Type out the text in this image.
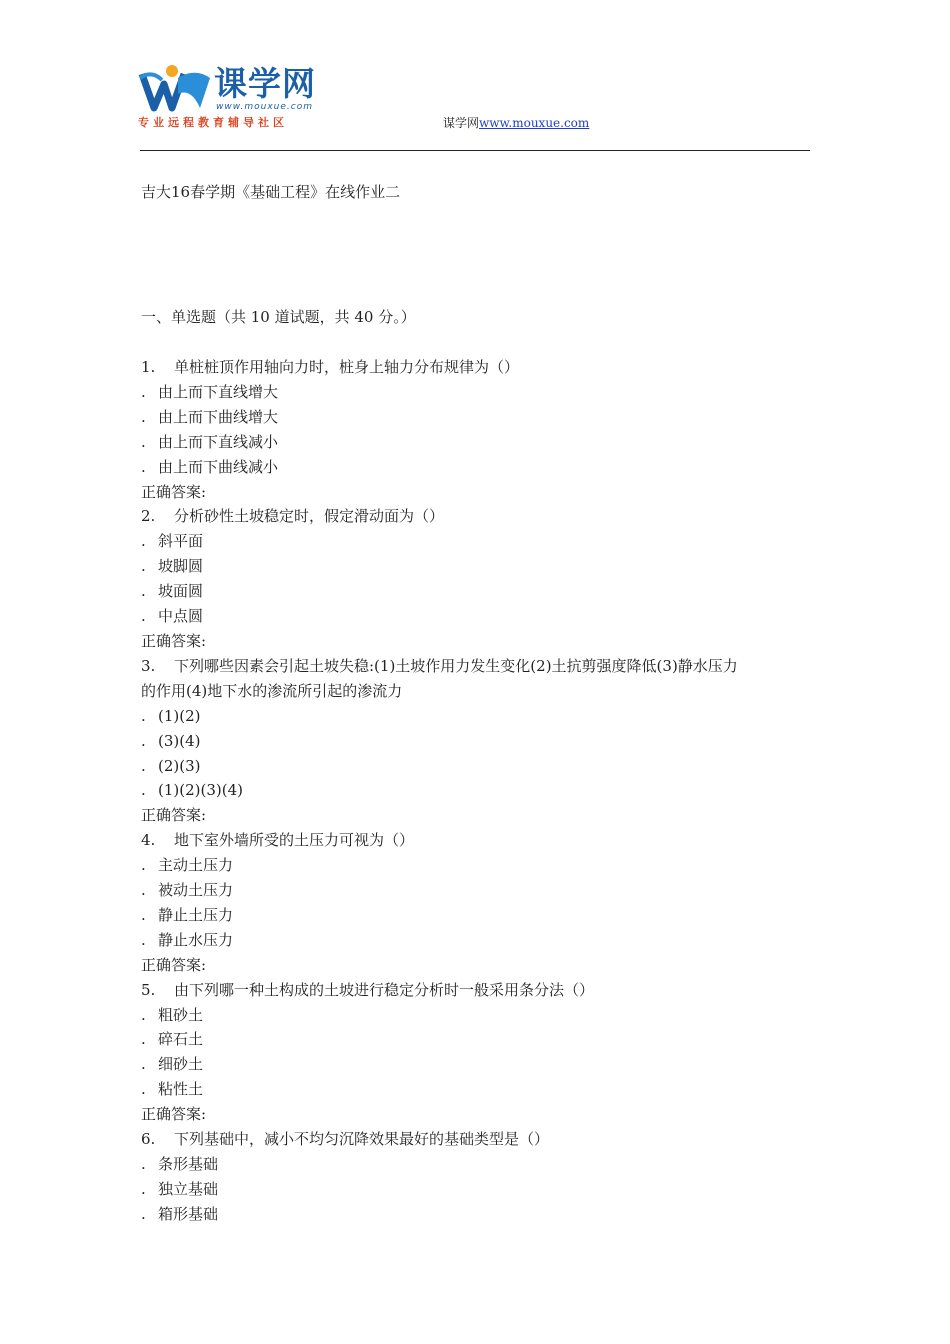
课学网
www.mouxue.com
专业远程教育辅导社区	谋学网www.mouxue.com
吉大16春学期《基础工程》在线作业二
一、单选题（共 10 道试题，共 40 分。）
1. 单桩桩顶作用轴向力时，桩身上轴力分布规律为（）
. 由上而下直线增大
. 由上而下曲线增大
. 由上而下直线减小
. 由上而下曲线减小
正确答案:
2. 分析砂性土坡稳定时，假定滑动面为（）
. 斜平面
. 坡脚圆
. 坡面圆
. 中点圆
正确答案:
3. 下列哪些因素会引起土坡失稳:(1)土坡作用力发生变化(2)土抗剪强度降低(3)静水压力
的作用(4)地下水的渗流所引起的渗流力
. (1)(2)
. (3)(4)
. (2)(3)
. (1)(2)(3)(4)
正确答案:
4. 地下室外墙所受的土压力可视为（）
. 主动土压力
. 被动土压力
. 静止土压力
. 静止水压力
正确答案:
5. 由下列哪一种土构成的土坡进行稳定分析时一般采用条分法（）
. 粗砂土
. 碎石土
. 细砂土
. 粘性土
正确答案:
6. 下列基础中，减小不均匀沉降效果最好的基础类型是（）
. 条形基础
. 独立基础
. 箱形基础
